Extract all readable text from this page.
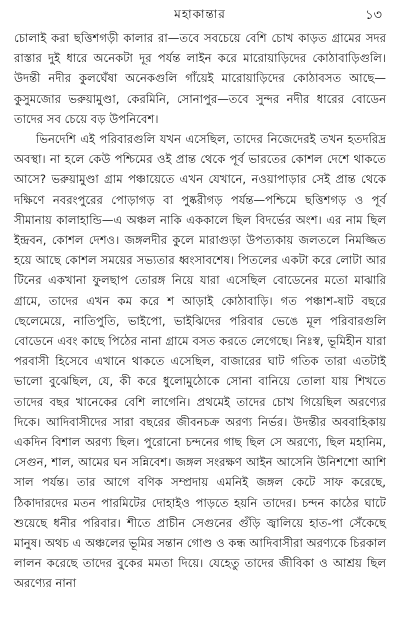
মহাকান্তার	১৩

চোলাই করা ছত্তিশগড়ী কালার রা—তবে সবচেয়ে বেশি চোখ কাড়ত গ্রামের সদর রাস্তার দুই ধারে অনেকটা দূর পর্যন্ত লাইন করে মারোয়াড়িদের কোঠাবাড়িগুলি। উদন্তী নদীর কুলঘেঁষা অনেকগুলি গাঁয়েই মারোয়াড়িদের কোঠাবসত আছে—কুসুমজোর ভরুয়ামুণ্ডা, কেরমিনি, সোনাপুর—তবে সুন্দর নদীর ধারের বোডেন তাদের সব চেয়ে বড় উপনিবেশ।

ভিনদেশি এই পরিবারগুলি যখন এসেছিল, তাদের নিজেদেরই তখন হতদরিদ্র অবস্থা। না হলে কেউ পশ্চিমের ওই প্রান্ত থেকে পূর্ব ভারতের কোশল দেশে থাকতে আসে? ভরুয়ামুণ্ডা গ্রাম পঞ্চায়েতে এখন যেখানে, নওয়াপাড়ার সেই প্রান্ত থেকে দক্ষিণে নবরংপুরের পোড়াগড় বা পুষ্করীগড় পর্যন্ত—পশ্চিমে ছত্তিশগড় ও পূর্ব সীমানায় কালাহান্ডি—এ অঞ্চল নাকি এককালে ছিল বিদর্ভের অংশ। এর নাম ছিল ইন্দ্রবন, কোশল দেশও। জঙ্গলদীর কুলে মারাগুড়া উপত্যকায় জলতলে নিমজ্জিত হয়ে আছে কোশল সময়ের সভ্যতার ধ্বংসাবশেষ। পিতলের একটা করে লোটা আর টিনের একখানা ফুলছাপ তোরঙ্গ নিয়ে যারা এসেছিল বোডেনের মতো মাঝারি গ্রামে, তাদের এখন কম করে শ আড়াই কোঠাবাড়ি। গত পঞ্চাশ-ষাট বছরে ছেলেমেয়ে, নাতিপুতি, ভাইপো, ভাইঝিদের পরিবার ভেঙে মূল পরিবারগুলি বোডেনে এবং কাছে পিঠের নানা গ্রামে বসত করতে লেগেছে। নিঃস্ব, ভূমিহীন যারা পরবাসী হিসেবে এখানে থাকতে এসেছিল, বাজারের ঘাট গতিক তারা এতটাই ভালো বুঝেছিল, যে, কী করে ধুলোমুঠোকে সোনা বানিয়ে তোলা যায় শিখতে তাদের বছর খানেকের বেশি লাগেনি। প্রথমেই তাদের চোখ গিয়েছিল অরণ্যের দিকে। আদিবাসীদের সারা বছরের জীবনচক্র অরণ্য নির্ভর। উদন্তীর অববাহিকায় একদিন বিশাল অরণ্য ছিল। পুরোনো চন্দনের গাছ ছিল সে অরণ্যে, ছিল মহানিম, সেগুন, শাল, আমের ঘন সন্নিবেশ। জঙ্গল সংরক্ষণ আইন আসেনি উনিশশো আশি সাল পর্যন্ত। তার আগে বণিক সম্প্রদায় এমনিই জঙ্গল কেটে সাফ করেছে, ঠিকাদারদের মতন পারমিটের দোহাইও পাড়তে হয়নি তাদের। চন্দন কাঠের ঘাটে শুয়েছে ধনীর পরিবার। শীতে প্রাচীন সেগুনের গুঁড়ি জ্বালিয়ে হাত-পা সেঁকেছে মানুষ। অথচ এ অঞ্চলের ভূমির সন্তান গোণ্ড ও কন্ধ আদিবাসীরা অরণ্যকে চিরকাল লালন করেছে তাদের বুকের মমতা দিয়ে। যেহেতু তাদের জীবিকা ও আশ্রয় ছিল অরণ্যের নানা
